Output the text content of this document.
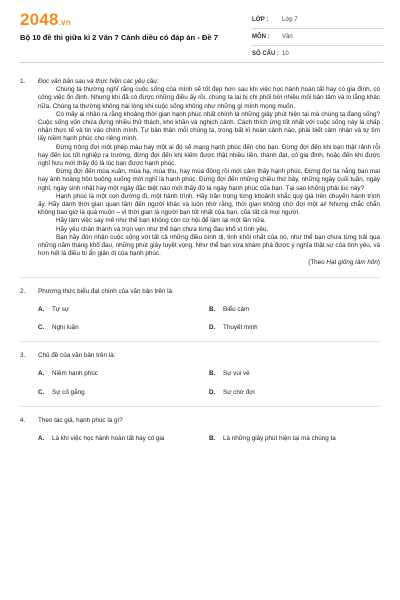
2048.vn
Bộ 10 đề thi giữa kì 2 Văn 7 Cánh diều có đáp án - Đề 7
LỚP :	Lớp 7
MÔN :	Văn
SỐ CÂU : 10
1. Đọc văn bản sau và thực hiện các yêu cầu:

Chúng ta thường nghĩ rằng cuộc sống của mình sẽ tốt đẹp hơn sau khi việc học hành hoàn tất hay có gia đình, có công việc ổn định. Nhưng khi đã có được những điều ấy rồi, chúng ta lại bị chi phối bởi nhiều mối bận tâm và lo lắng khác nữa. Chúng ta thường không hài lòng khi cuộc sống không như những gì mình mong muốn.

Có mấy ai nhận ra rằng khoảng thời gian hạnh phúc nhất chính là những giây phút hiện tại mà chúng ta đang sống? Cuộc sống vốn chứa đựng nhiều thử thách, khó khăn và nghịch cảnh. Cách thích ứng tốt nhất với cuộc sống này là chấp nhận thực tế và tin vào chính mình. Tự bản thân mỗi chúng ta, trong bất kì hoàn cảnh nào, phải biết cảm nhận và tự tìm lấy niềm hạnh phúc cho riêng mình.

Đừng trông đợi một phép màu hay một ai đó sẽ mang hạnh phúc đến cho bạn. Đừng đợi đến khi bạn thật rảnh rỗi hay đến lúc tốt nghiệp ra trường, đừng đợi đến khi kiếm được thật nhiều tiền, thành đạt, có gia đình, hoặc đến khi được nghỉ hưu mới thấy đó là lúc bạn được hạnh phúc.

Đừng đợi đến mùa xuân, mùa hạ, mùa thu, hay mùa đông rồi mới cảm thấy hạnh phúc. Đừng đợi tia nắng ban mai hay ánh hoàng hôn buông xuống mới nghĩ là hạnh phúc. Đừng đợi đến những chiều thứ bảy, những ngày cuối tuần, ngày nghỉ, ngày sinh nhật hay một ngày đặc biệt nào mới thấy đó là ngày hạnh phúc của bạn. Tại sao không phải lúc này?

Hạnh phúc là một con đường đi, một hành trình. Hãy trân trọng từng khoảnh khắc quý giá trên chuyến hành trình ấy. Hãy dành thời gian quan tâm đến người khác và luôn nhớ rằng, thời gian không chờ đợi một ai! Nhưng chắc chắn không bao giờ là quá muộn – vì thời gian là người bạn tốt nhất của bạn, của tất cả mọi người.

Hãy làm việc say mê như thể bạn không còn cơ hội để làm lại một lần nữa.

Hãy yêu chân thành và trọn vẹn như thể bạn chưa từng đau khổ vì tình yêu.

Bạn hãy đón nhận cuộc sống với tất cả những điều bình dị, tinh khôi nhất của nó, như thể bạn chưa từng trải qua những năm tháng khổ đau, những phút giây tuyệt vọng. Như thể bạn vừa khám phá được ý nghĩa thật sự của tình yêu, và hơn hết là điều bí ẩn giản dị của hạnh phúc.

(Theo Hạt giống tâm hồn)
2. Phương thức biểu đạt chính của văn bản trên là:
A. Tự sự	B. Biểu cảm
C. Nghị luận	D. Thuyết minh
3. Chủ đề của văn bản trên là:
A. Niềm hạnh phúc	B. Sự vui vẻ
C. Sự cố gắng	D. Sự chờ đợi
4. Theo tác giả, hạnh phúc là gì?
A. Là khi việc học hành hoàn tất hay có gia	B. Là những giây phút hiện tại mà chúng ta
